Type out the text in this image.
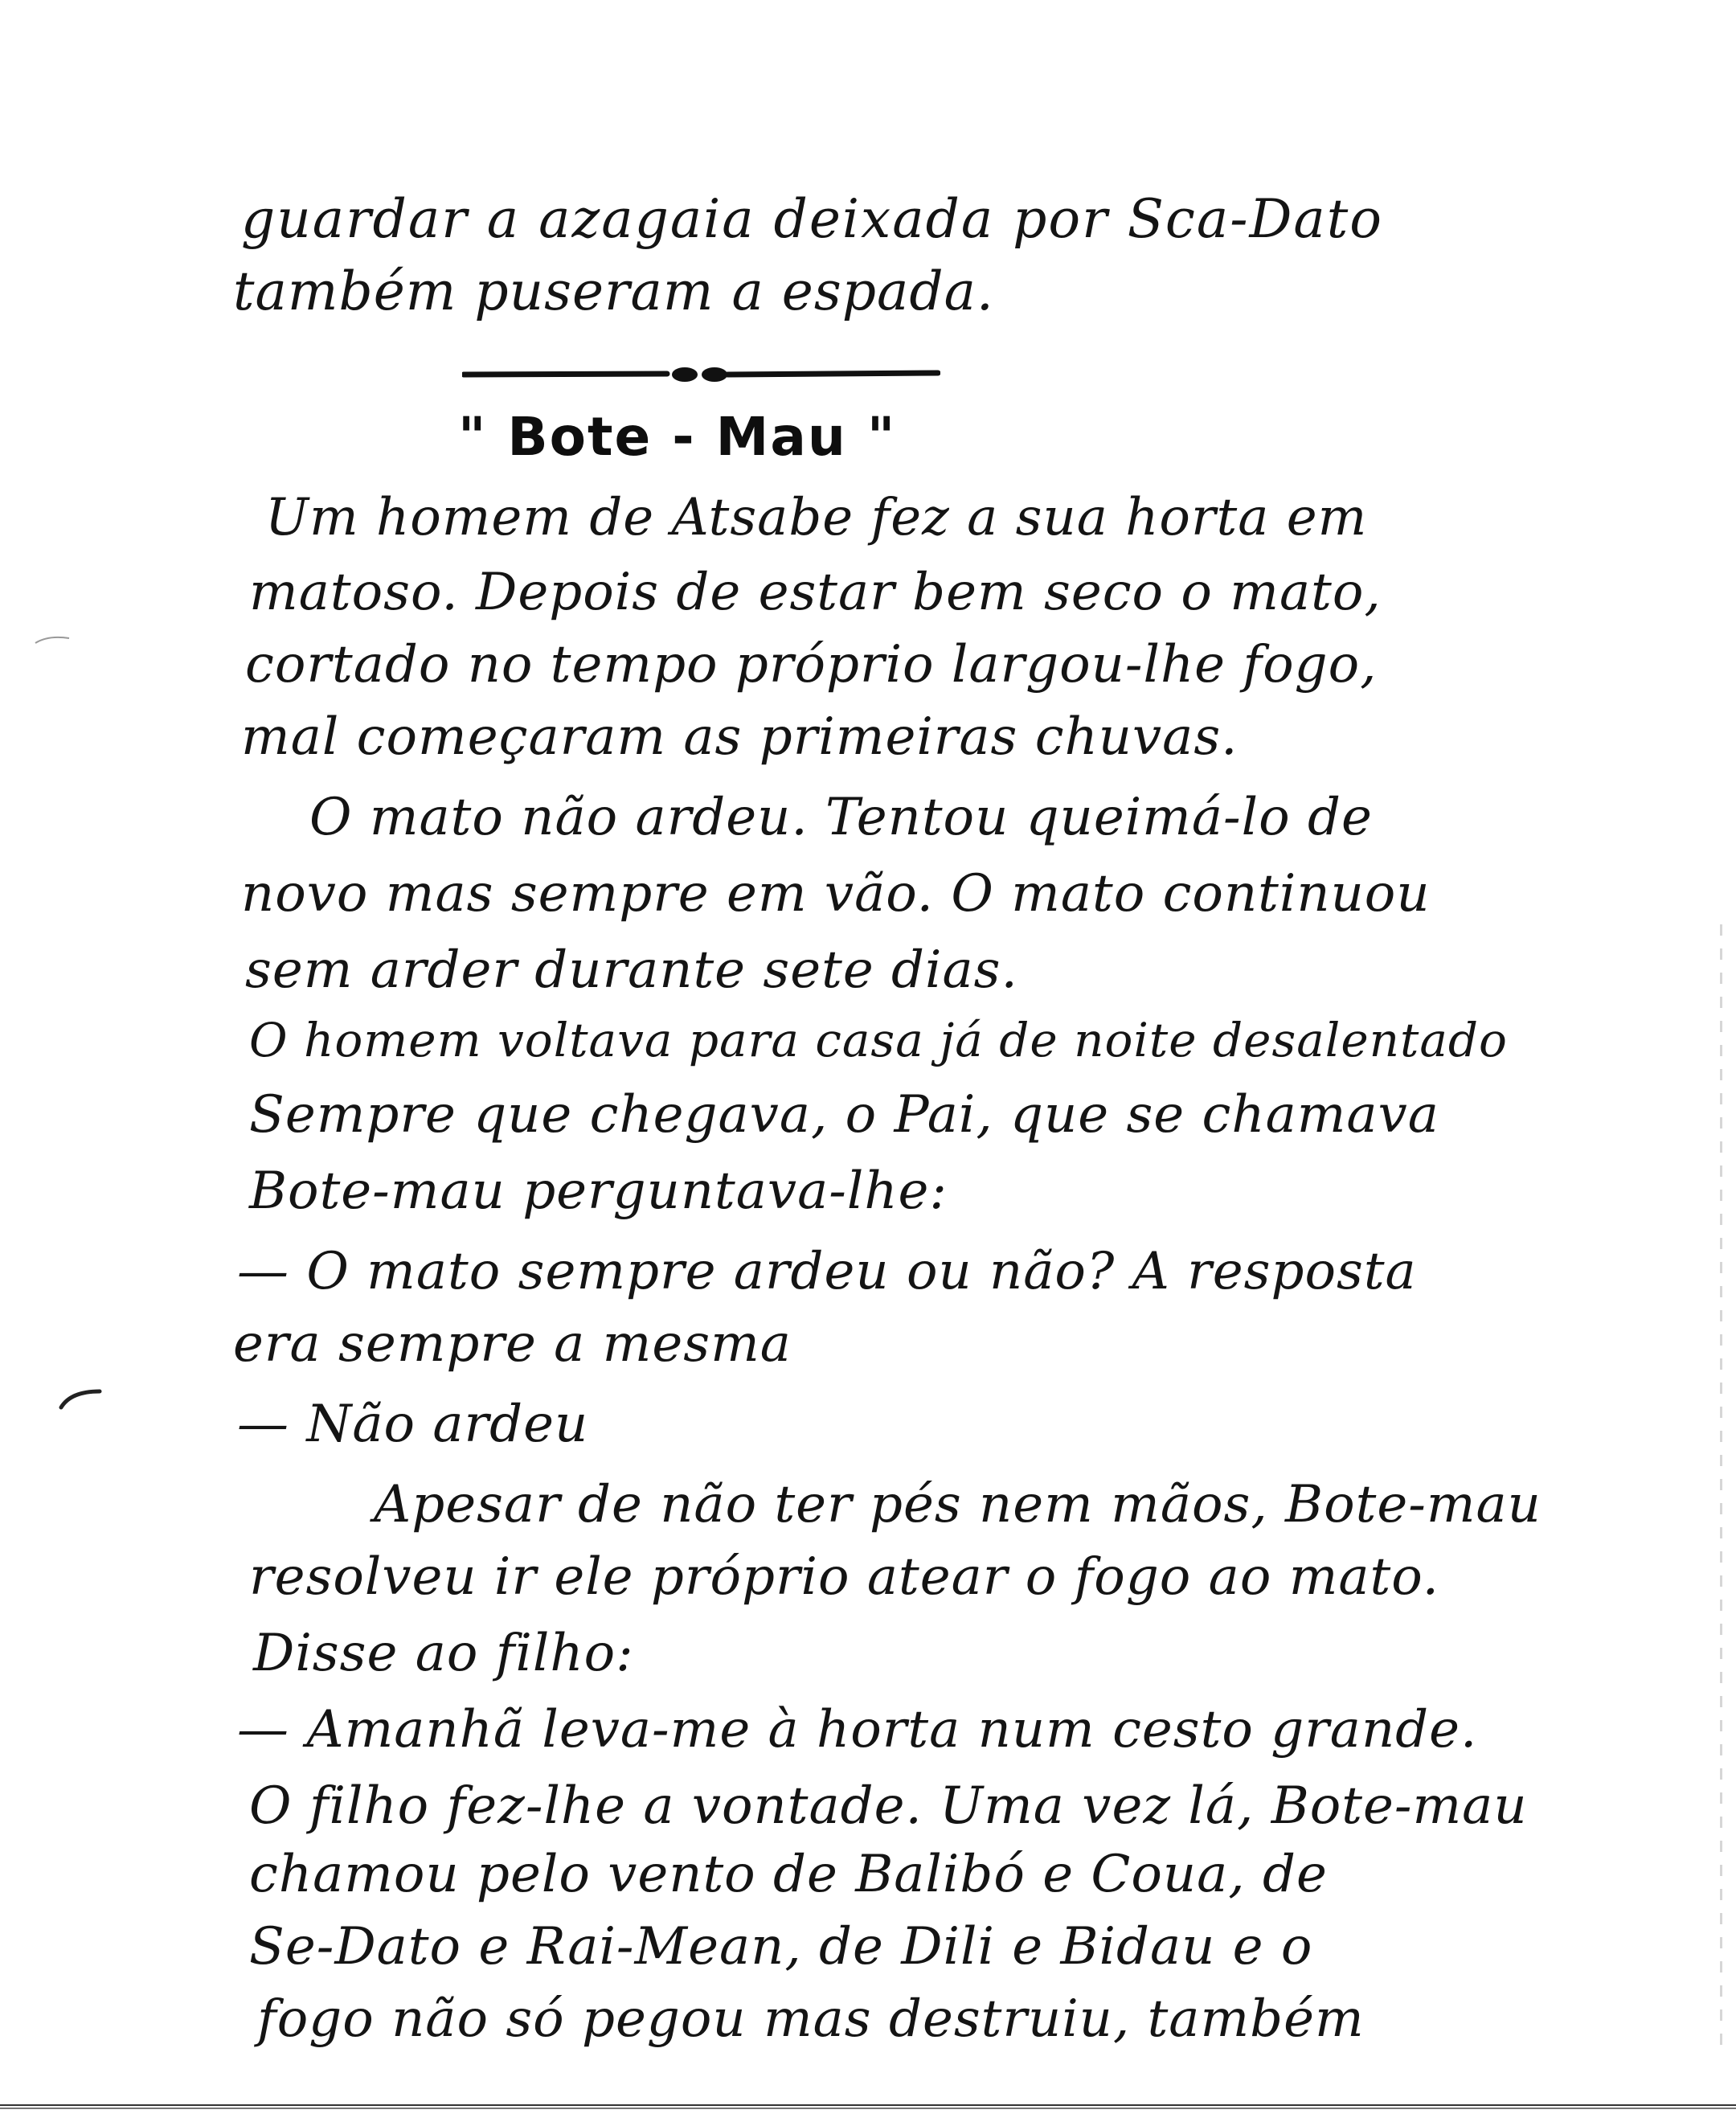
guardar a azagaia deixada por Sca-Dato
também puseram a espada.
" Bote - Mau "
Um homem de Atsabe fez a sua horta em
matoso. Depois de estar bem seco o mato,
cortado no tempo próprio largou-lhe fogo,
mal começaram as primeiras chuvas.
O mato não ardeu. Tentou queimá-lo de
novo mas sempre em vão. O mato continuou
sem arder durante sete dias.
O homem voltava para casa já de noite desalentado
Sempre que chegava, o Pai, que se chamava
Bote-mau perguntava-lhe:
— O mato sempre ardeu ou não? A resposta
era sempre a mesma
— Não ardeu
Apesar de não ter pés nem mãos, Bote-mau
resolveu ir ele próprio atear o fogo ao mato.
Disse ao filho:
— Amanhã leva-me à horta num cesto grande.
O filho fez-lhe a vontade. Uma vez lá, Bote-mau
chamou pelo vento de Balibó e Coua, de
Se-Dato e Rai-Mean, de Dili e Bidau e o
fogo não só pegou mas destruiu, também
